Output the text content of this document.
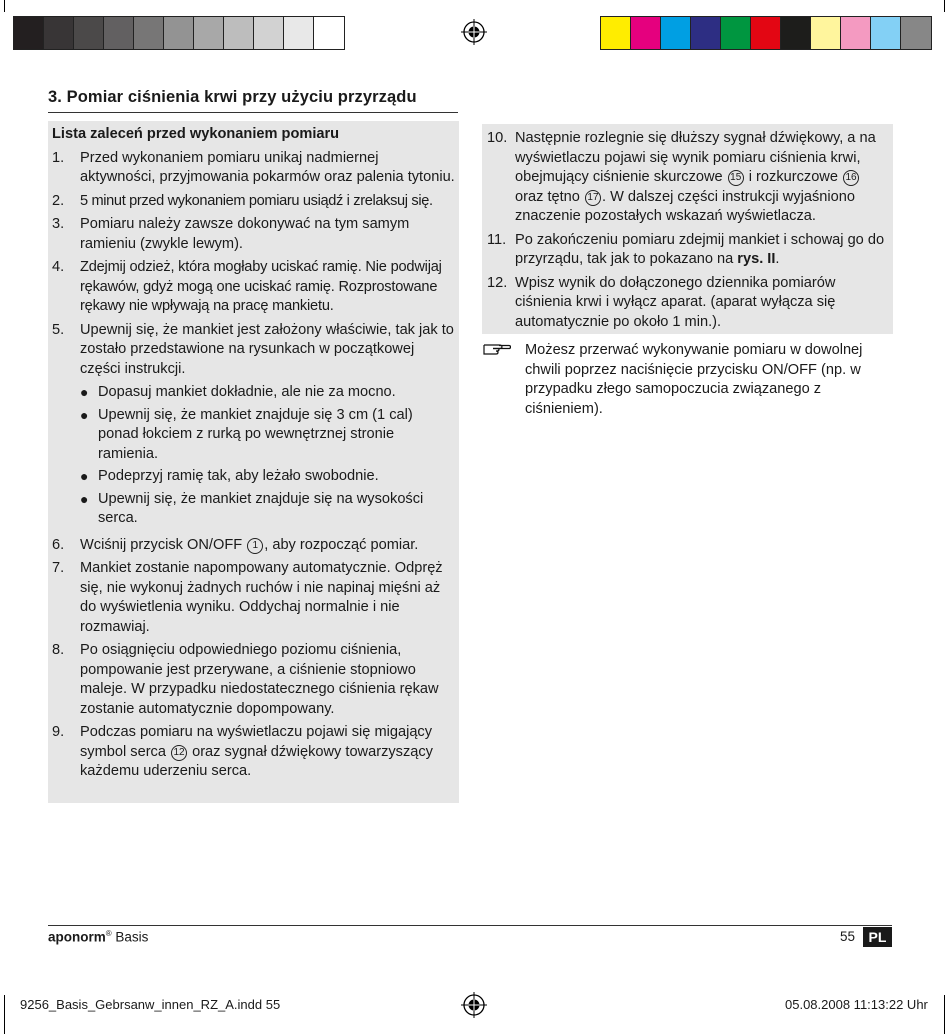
3. Pomiar ciśnienia krwi przy użyciu przyrządu
Lista zaleceń przed wykonaniem pomiaru
1.	Przed wykonaniem pomiaru unikaj nadmiernej aktywności, przyjmowania pokarmów oraz palenia tytoniu.
2.	5 minut przed wykonaniem pomiaru usiądź i zrelaksuj się.
3.	Pomiaru należy zawsze dokonywać na tym samym ramieniu (zwykle lewym).
4.	Zdejmij odzież, która mogłaby uciskać ramię. Nie podwijaj rękawów, gdyż mogą one uciskać ramię. Rozprostowane rękawy nie wpływają na pracę mankietu.
5.	Upewnij się, że mankiet jest założony właściwie, tak jak to zostało przedstawione na rysunkach w początkowej części instrukcji.
● Dopasuj mankiet dokładnie, ale nie za mocno.
● Upewnij się, że mankiet znajduje się 3 cm (1 cal) ponad łokciem z rurką po wewnętrznej stronie ramienia.
● Podeprzyj ramię tak, aby leżało swobodnie.
● Upewnij się, że mankiet znajduje się na wysokości serca.
6.	Wciśnij przycisk ON/OFF 1 , aby rozpocząć pomiar.
7.	Mankiet zostanie napompowany automatycznie. Odpręż się, nie wykonuj żadnych ruchów i nie napinaj mięśni aż do wyświetlenia wyniku. Oddychaj normalnie i nie rozmawiaj.
8.	Po osiągnięciu odpowiedniego poziomu ciśnienia, pompowanie jest przerywane, a ciśnienie stopniowo maleje. W przypadku niedostatecznego ciśnienia rękaw zostanie automatycznie dopompowany.
9.	Podczas pomiaru na wyświetlaczu pojawi się migający symbol serca 12 oraz sygnał dźwiękowy towarzyszący każdemu uderzeniu serca.
10. Następnie rozlegnie się dłuższy sygnał dźwiękowy, a na wyświetlaczu pojawi się wynik pomiaru ciśnienia krwi, obejmujący ciśnienie skurczowe 15 i rozkurczowe 16 oraz tętno 17 . W dalszej części instrukcji wyjaśniono znaczenie pozostałych wskazań wyświetlacza.
11. Po zakończeniu pomiaru zdejmij mankiet i schowaj go do przyrządu, tak jak to pokazano na rys. II.
12. Wpisz wynik do dołączonego dziennika pomiarów ciśnienia krwi i wyłącz aparat. (aparat wyłącza się automatycznie po około 1 min.).
Możesz przerwać wykonywanie pomiaru w dowolnej chwili poprzez naciśnięcie przycisku ON/OFF (np. w przypadku złego samopoczucia związanego z ciśnieniem).
aponorm® Basis	55 PL
9256_Basis_Gebrsanw_innen_RZ_A.indd 55	05.08.2008 11:13:22 Uhr
